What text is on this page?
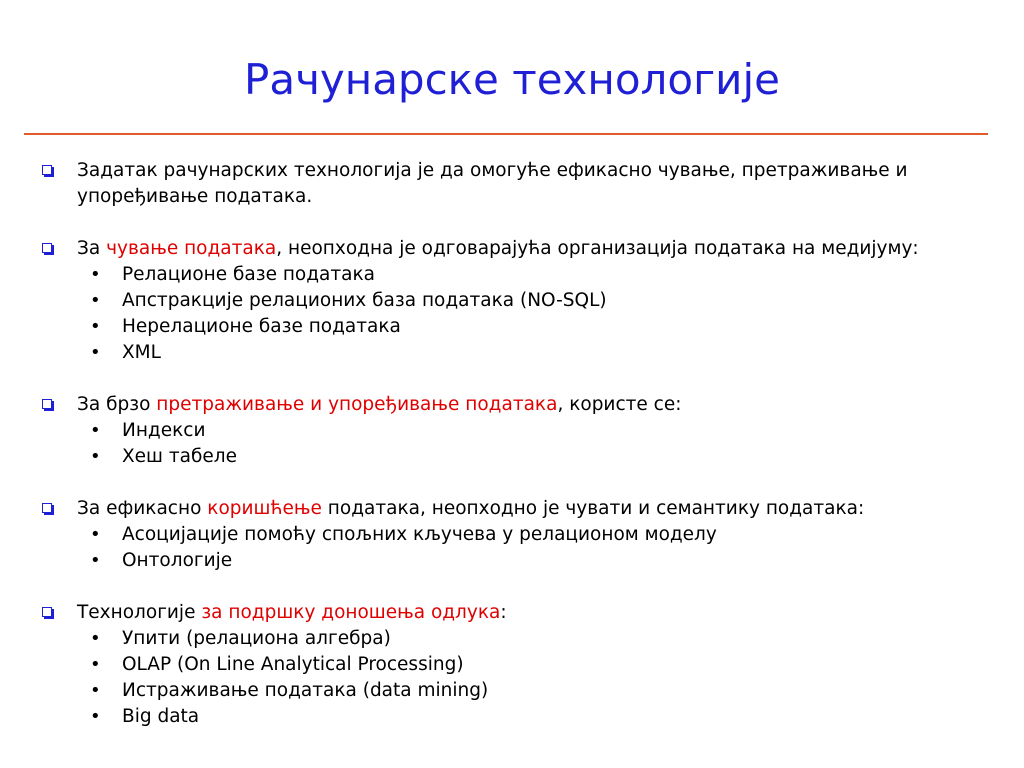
Рачунарске технологије
Задатак рачунарских технологија је да омогуће ефикасно чување, претраживање и
упоређивање података.
За чување података, неопходна је одговарајућа организација података на медијуму:
• Релационе базе података
• Апстракције релационих база података (NO-SQL)
• Нерелационе базе података
• XML
За брзо претраживање и упоређивање података, користе се:
• Индекси
• Хеш табеле
За ефикасно коришћење података, неопходно је чувати и семантику података:
• Асоцијације помоћу спољних кључева у релационом моделу
• Онтологије
Технологије за подршку доношења одлука:
• Упити (релациона алгебра)
• OLAP (On Line Analytical Processing)
• Истраживање података (data mining)
• Big data
